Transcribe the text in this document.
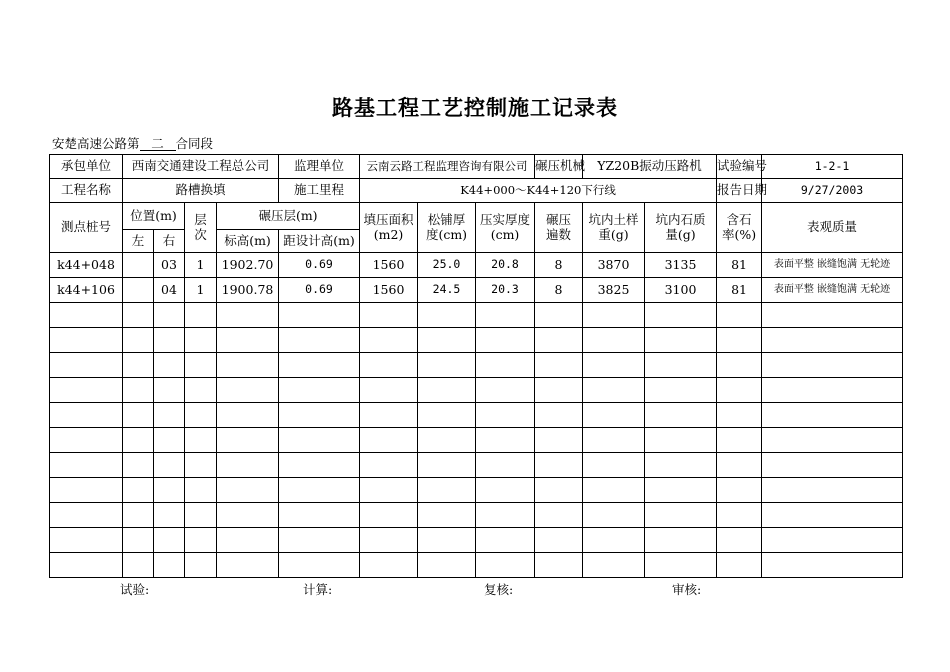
路基工程工艺控制施工记录表
安楚高速公路第 二 合同段
承包单位	西南交通建设工程总公司				监理单位	云南云路工程监理咨询有限公司			碾压机械	YZ20B振动压路机		试验编号	1-2-1
工程名称	路槽换填				施工里程	K44+000～K44+120下行线						报告日期	9/27/2003
测点桩号	位置(m)		层次	碾压层(m)		填压面积(m2)	松铺厚度(cm)	压实厚度(cm)	碾压遍数	坑内土样重(g)	坑内石质量(g)	含石率(%)	表观质量
	左	右		标高(m)	距设计高(m)								
k44+048		03	1	1902.70	0.69	1560	25.0	20.8	8	3870	3135	81	表面平整 嵌缝饱满 无轮迹
k44+106		04	1	1900.78	0.69	1560	24.5	20.3	8	3825	3100	81	表面平整 嵌缝饱满 无轮迹

试验:	计算:	复核:	审核:
